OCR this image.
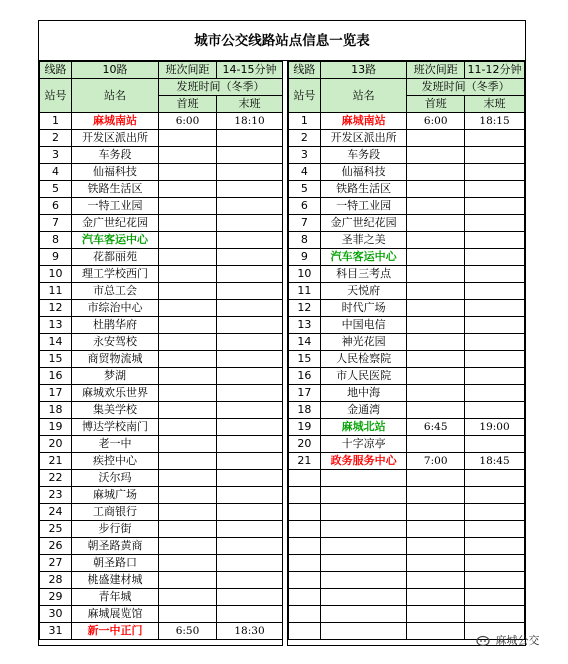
城市公交线路站点信息一览表
线路	10路	班次间距	14-15分钟
站号	站名	发班时间（冬季）	
		首班	末班
1	麻城南站	6:00	18:10
2	开发区派出所		
3	车务段		
4	仙福科技		
5	铁路生活区		
6	一特工业园		
7	金广世纪花园		
8	汽车客运中心		
9	花都丽苑		
10	理工学校西门		
11	市总工会		
12	市综治中心		
13	杜鹃华府		
14	永安驾校		
15	商贸物流城		
16	梦湖		
17	麻城欢乐世界		
18	集美学校		
19	博达学校南门		
20	老一中		
21	疾控中心		
22	沃尔玛		
23	麻城广场		
24	工商银行		
25	步行街		
26	朝圣路黄商		
27	朝圣路口		
28	桃盛建材城		
29	青年城		
30	麻城展览馆		
31	新一中正门	6:50	18:30
线路	13路	班次间距	11-12分钟
站号	站名	发班时间（冬季）	
		首班	末班
1	麻城南站	6:00	18:15
2	开发区派出所		
3	车务段		
4	仙福科技		
5	铁路生活区		
6	一特工业园		
7	金广世纪花园		
8	圣菲之美		
9	汽车客运中心		
10	科目三考点		
11	天悦府		
12	时代广场		
13	中国电信		
14	神光花园		
15	人民检察院		
16	市人民医院		
17	地中海		
18	金通湾		
19	麻城北站	6:45	19:00
20	十字凉亭		
21	政务服务中心	7:00	18:45

麻城公交
